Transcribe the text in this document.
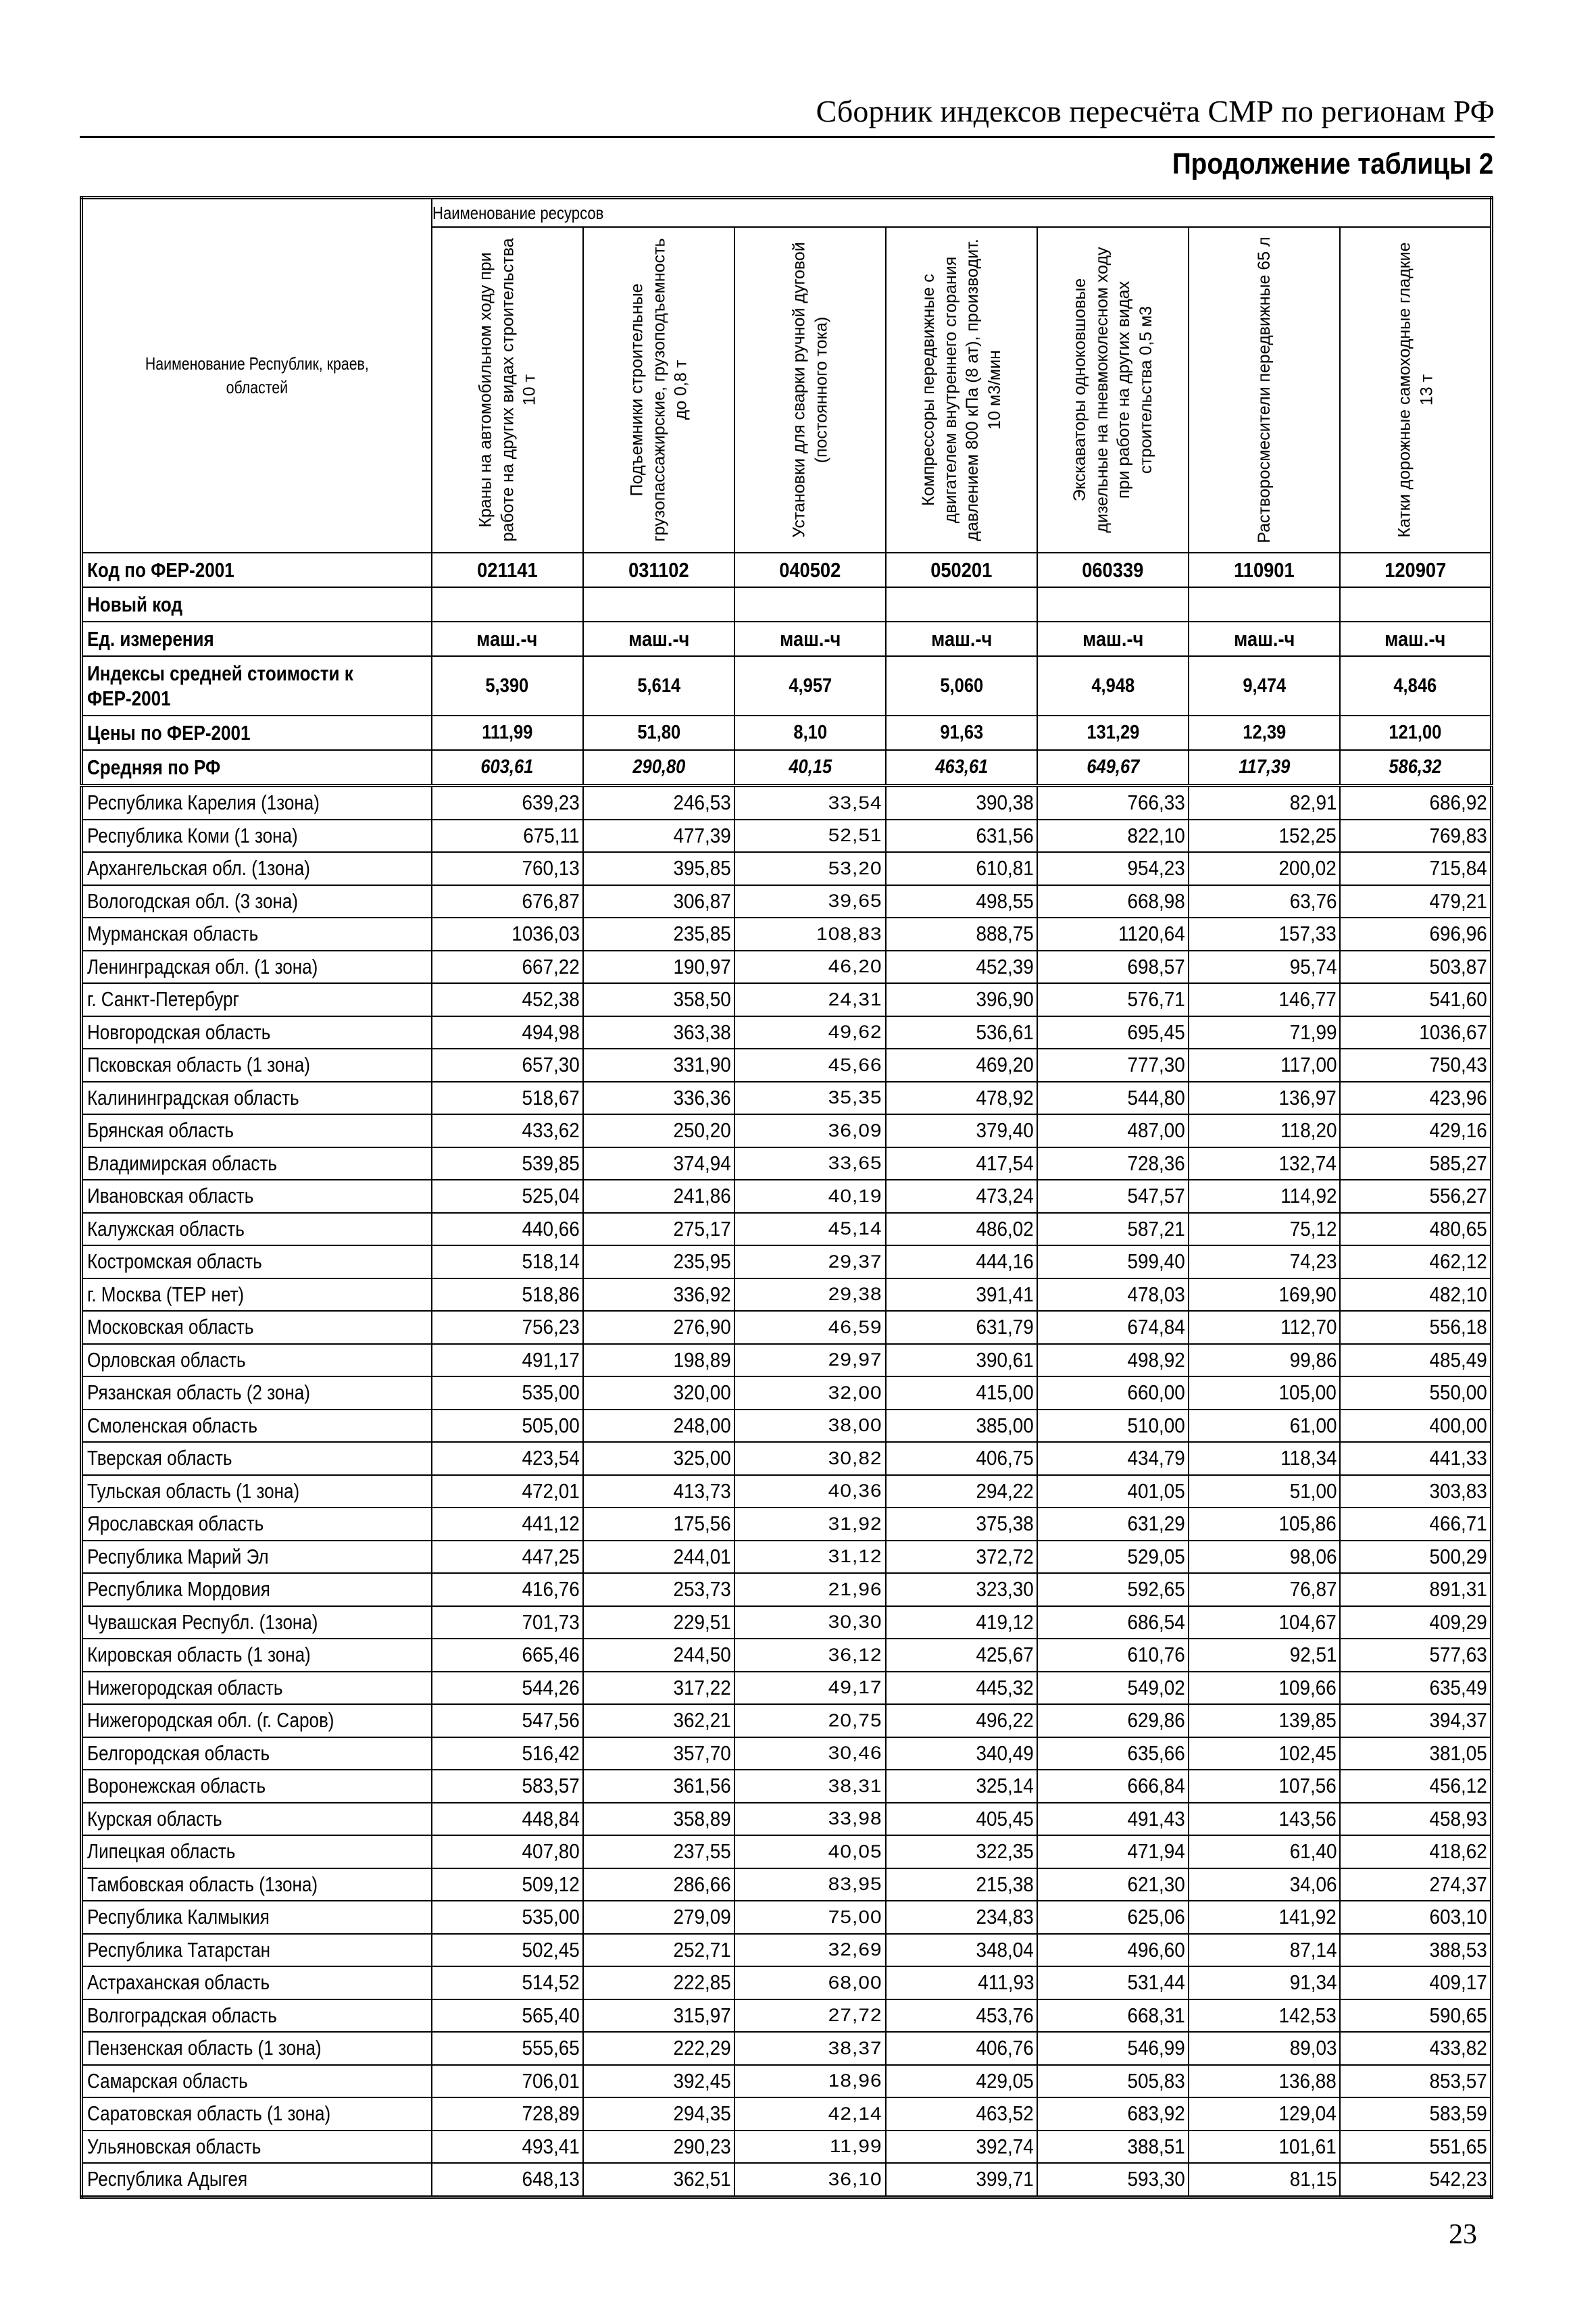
Сборник индексов пересчёта СМР по регионам РФ
Продолжение таблицы 2
Наименование Республик, краев, областей	Наименование ресурсов						

	Краны на автомобильном ходу при работе на других видах строительства 10 т	Подъемники строительные грузопассажирские, грузоподъемность до 0,8 т	Установки для сварки ручной дуговой (постоянного тока)	Компрессоры передвижные с двигателем внутреннего сгорания давлением 800 кПа (8 ат), производит. 10 м3/мин	Экскаваторы одноковшовые дизельные на пневмоколесном ходу при работе на других видах строительства 0,5 м3	Растворосмесители передвижные 65 л	Катки дорожные самоходные гладкие 13 т

Код по ФЕР-2001	021141	031102	040502	050201	060339	110901	120907
Новый код							
Ед. измерения	маш.-ч	маш.-ч	маш.-ч	маш.-ч	маш.-ч	маш.-ч	маш.-ч
Индексы средней стоимости к ФЕР-2001	5,390	5,614	4,957	5,060	4,948	9,474	4,846
Цены по ФЕР-2001	111,99	51,80	8,10	91,63	131,29	12,39	121,00
Средняя по РФ	603,61	290,80	40,15	463,61	649,67	117,39	586,32
Республика Карелия (1зона)	639,23	246,53	33,54	390,38	766,33	82,91	686,92
Республика Коми (1 зона)	675,11	477,39	52,51	631,56	822,10	152,25	769,83
Архангельская обл. (1зона)	760,13	395,85	53,20	610,81	954,23	200,02	715,84
Вологодская обл. (3 зона)	676,87	306,87	39,65	498,55	668,98	63,76	479,21
Мурманская область	1036,03	235,85	108,83	888,75	1120,64	157,33	696,96
Ленинградская обл. (1 зона)	667,22	190,97	46,20	452,39	698,57	95,74	503,87
г. Санкт-Петербург	452,38	358,50	24,31	396,90	576,71	146,77	541,60
Новгородская область	494,98	363,38	49,62	536,61	695,45	71,99	1036,67
Псковская область (1 зона)	657,30	331,90	45,66	469,20	777,30	117,00	750,43
Калининградская область	518,67	336,36	35,35	478,92	544,80	136,97	423,96
Брянская область	433,62	250,20	36,09	379,40	487,00	118,20	429,16
Владимирская область	539,85	374,94	33,65	417,54	728,36	132,74	585,27
Ивановская область	525,04	241,86	40,19	473,24	547,57	114,92	556,27
Калужская область	440,66	275,17	45,14	486,02	587,21	75,12	480,65
Костромская область	518,14	235,95	29,37	444,16	599,40	74,23	462,12
г. Москва (ТЕР нет)	518,86	336,92	29,38	391,41	478,03	169,90	482,10
Московская область	756,23	276,90	46,59	631,79	674,84	112,70	556,18
Орловская область	491,17	198,89	29,97	390,61	498,92	99,86	485,49
Рязанская область (2 зона)	535,00	320,00	32,00	415,00	660,00	105,00	550,00
Смоленская область	505,00	248,00	38,00	385,00	510,00	61,00	400,00
Тверская область	423,54	325,00	30,82	406,75	434,79	118,34	441,33
Тульская область (1 зона)	472,01	413,73	40,36	294,22	401,05	51,00	303,83
Ярославская область	441,12	175,56	31,92	375,38	631,29	105,86	466,71
Республика Марий Эл	447,25	244,01	31,12	372,72	529,05	98,06	500,29
Республика Мордовия	416,76	253,73	21,96	323,30	592,65	76,87	891,31
Чувашская Республ. (1зона)	701,73	229,51	30,30	419,12	686,54	104,67	409,29
Кировская область (1 зона)	665,46	244,50	36,12	425,67	610,76	92,51	577,63
Нижегородская область	544,26	317,22	49,17	445,32	549,02	109,66	635,49
Нижегородская обл. (г. Саров)	547,56	362,21	20,75	496,22	629,86	139,85	394,37
Белгородская область	516,42	357,70	30,46	340,49	635,66	102,45	381,05
Воронежская область	583,57	361,56	38,31	325,14	666,84	107,56	456,12
Курская область	448,84	358,89	33,98	405,45	491,43	143,56	458,93
Липецкая область	407,80	237,55	40,05	322,35	471,94	61,40	418,62
Тамбовская область (1зона)	509,12	286,66	83,95	215,38	621,30	34,06	274,37
Республика Калмыкия	535,00	279,09	75,00	234,83	625,06	141,92	603,10
Республика Татарстан	502,45	252,71	32,69	348,04	496,60	87,14	388,53
Астраханская область	514,52	222,85	68,00	411,93	531,44	91,34	409,17
Волгоградская область	565,40	315,97	27,72	453,76	668,31	142,53	590,65
Пензенская область (1 зона)	555,65	222,29	38,37	406,76	546,99	89,03	433,82
Самарская область	706,01	392,45	18,96	429,05	505,83	136,88	853,57
Саратовская область (1 зона)	728,89	294,35	42,14	463,52	683,92	129,04	583,59
Ульяновская область	493,41	290,23	11,99	392,74	388,51	101,61	551,65
Республика Адыгея	648,13	362,51	36,10	399,71	593,30	81,15	542,23
23
